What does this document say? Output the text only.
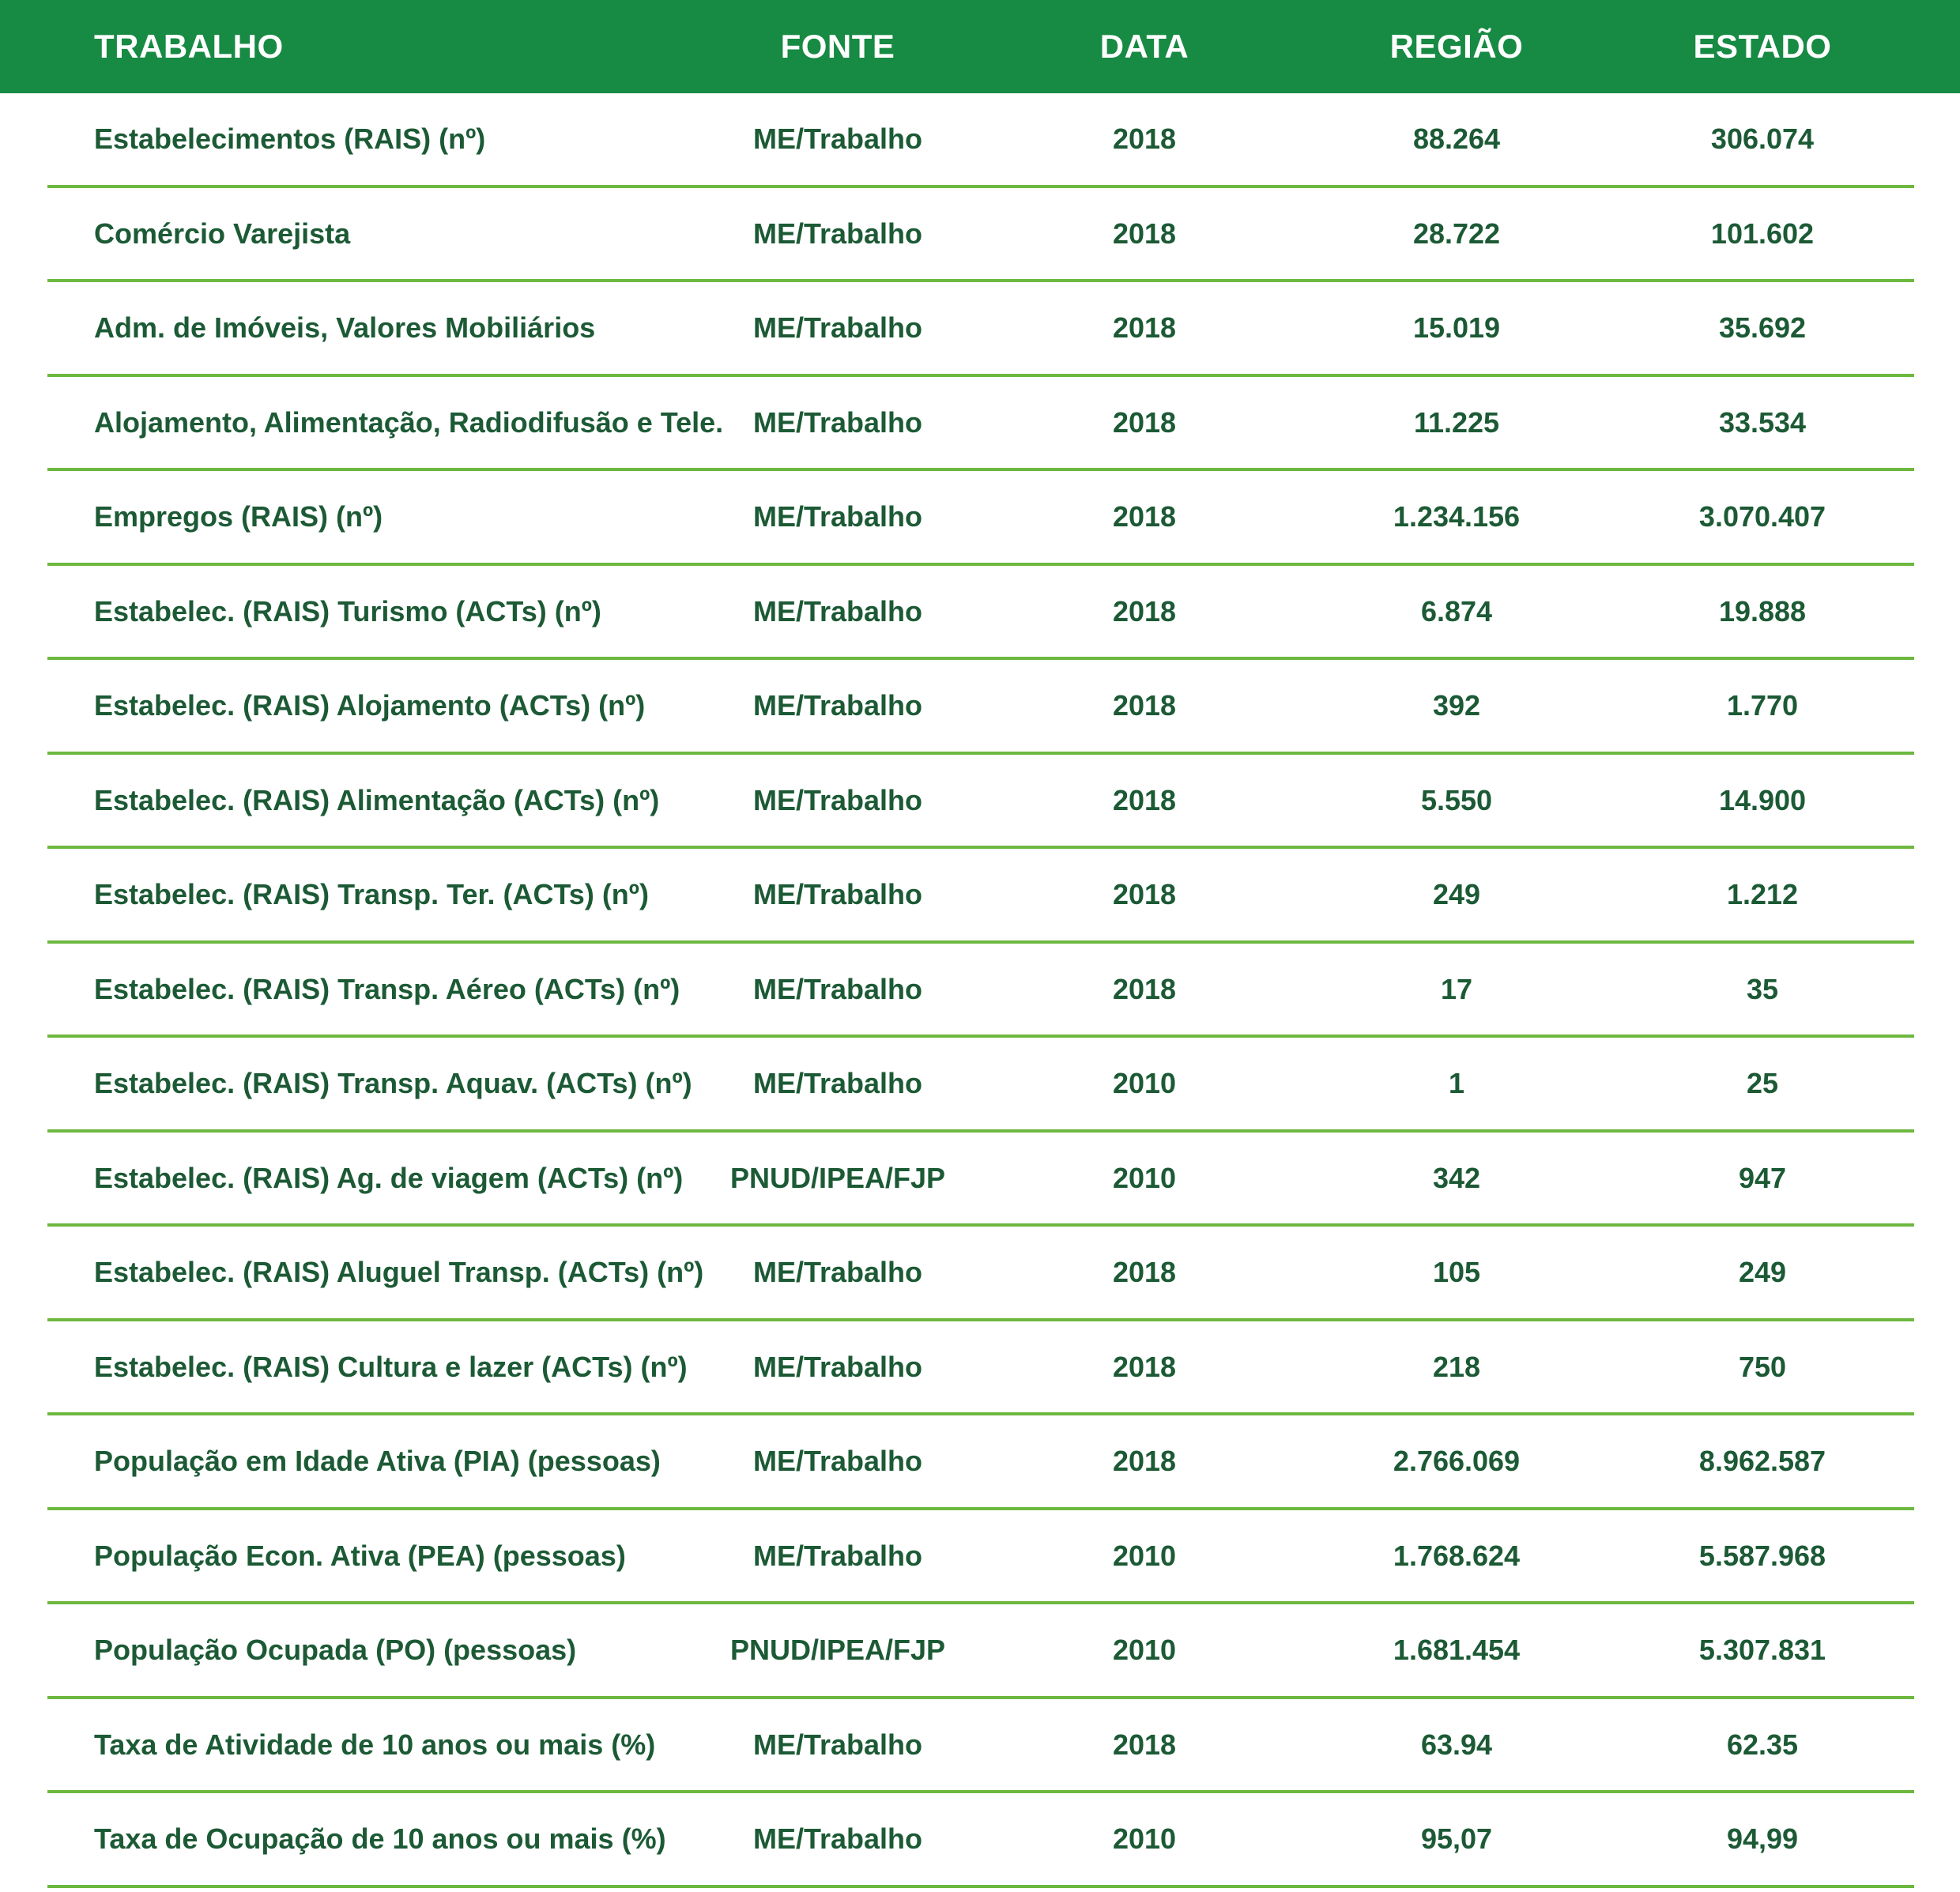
TRABALHO	FONTE	DATA	REGIÃO	ESTADO
Estabelecimentos (RAIS) (nº)	ME/Trabalho	2018	88.264	306.074
Comércio Varejista	ME/Trabalho	2018	28.722	101.602
Adm. de Imóveis, Valores Mobiliários	ME/Trabalho	2018	15.019	35.692
Alojamento, Alimentação, Radiodifusão e Tele.	ME/Trabalho	2018	11.225	33.534
Empregos (RAIS) (nº)	ME/Trabalho	2018	1.234.156	3.070.407
Estabelec. (RAIS) Turismo (ACTs) (nº)	ME/Trabalho	2018	6.874	19.888
Estabelec. (RAIS) Alojamento (ACTs) (nº)	ME/Trabalho	2018	392	1.770
Estabelec. (RAIS) Alimentação (ACTs) (nº)	ME/Trabalho	2018	5.550	14.900
Estabelec. (RAIS) Transp. Ter. (ACTs) (nº)	ME/Trabalho	2018	249	1.212
Estabelec. (RAIS) Transp. Aéreo (ACTs) (nº)	ME/Trabalho	2018	17	35
Estabelec. (RAIS) Transp. Aquav. (ACTs) (nº)	ME/Trabalho	2010	1	25
Estabelec. (RAIS) Ag. de viagem (ACTs) (nº)	PNUD/IPEA/FJP	2010	342	947
Estabelec. (RAIS) Aluguel Transp. (ACTs) (nº)	ME/Trabalho	2018	105	249
Estabelec. (RAIS) Cultura e lazer (ACTs) (nº)	ME/Trabalho	2018	218	750
População em Idade Ativa (PIA) (pessoas)	ME/Trabalho	2018	2.766.069	8.962.587
População Econ. Ativa (PEA) (pessoas)	ME/Trabalho	2010	1.768.624	5.587.968
População Ocupada (PO) (pessoas)	PNUD/IPEA/FJP	2010	1.681.454	5.307.831
Taxa de Atividade de 10 anos ou mais (%)	ME/Trabalho	2018	63.94	62.35
Taxa de Ocupação de 10 anos ou mais (%)	ME/Trabalho	2010	95,07	94,99
